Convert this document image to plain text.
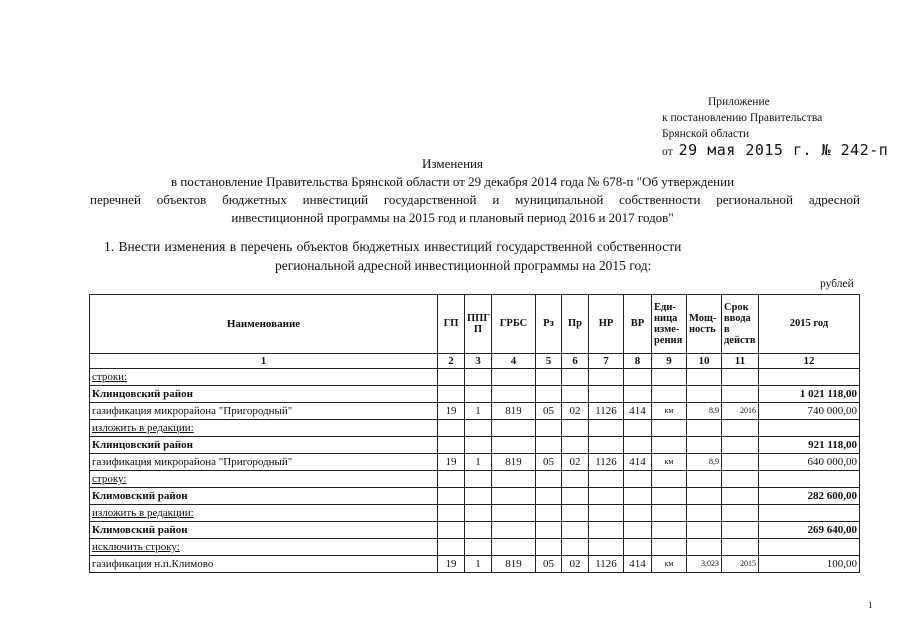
Приложение
к постановлению Правительства
Брянской области
от 29 мая 2015 г. № 242-п
Изменения
в постановление Правительства Брянской области от 29 декабря 2014 года № 678-п "Об утверждении
перечней объектов бюджетных инвестиций государственной и муниципальной собственности региональной адресной
инвестиционной программы на 2015 год и плановый период 2016 и 2017 годов"
1. Внести изменения в перечень объектов бюджетных инвестиций государственной собственности
региональной адресной инвестиционной программы на 2015 год:
рублей
Наименование	ГП	ППГ П	ГРБС	Рз	Пр	НР	ВР	Еди- ница изме- рения	Мощ- ность	Срок ввода в действ	2015 год
1	2	3	4	5	6	7	8	9	10	11	12
строки:											
Клинцовский район											1 021 118,00
газификация микрорайона "Пригородный"	19	1	819	05	02	1126	414	км	8,9	2016	740 000,00
изложить в редакции:											
Клинцовский район											921 118,00
газификация микрорайона "Пригородный"	19	1	819	05	02	1126	414	км	8,9		640 000,00
строку:											
Климовский район											282 600,00
изложить в редакции:											
Климовский район											269 640,00
исключить строку:											
газификация н.п.Климово	19	1	819	05	02	1126	414	км	3,023	2015	100,00
1
